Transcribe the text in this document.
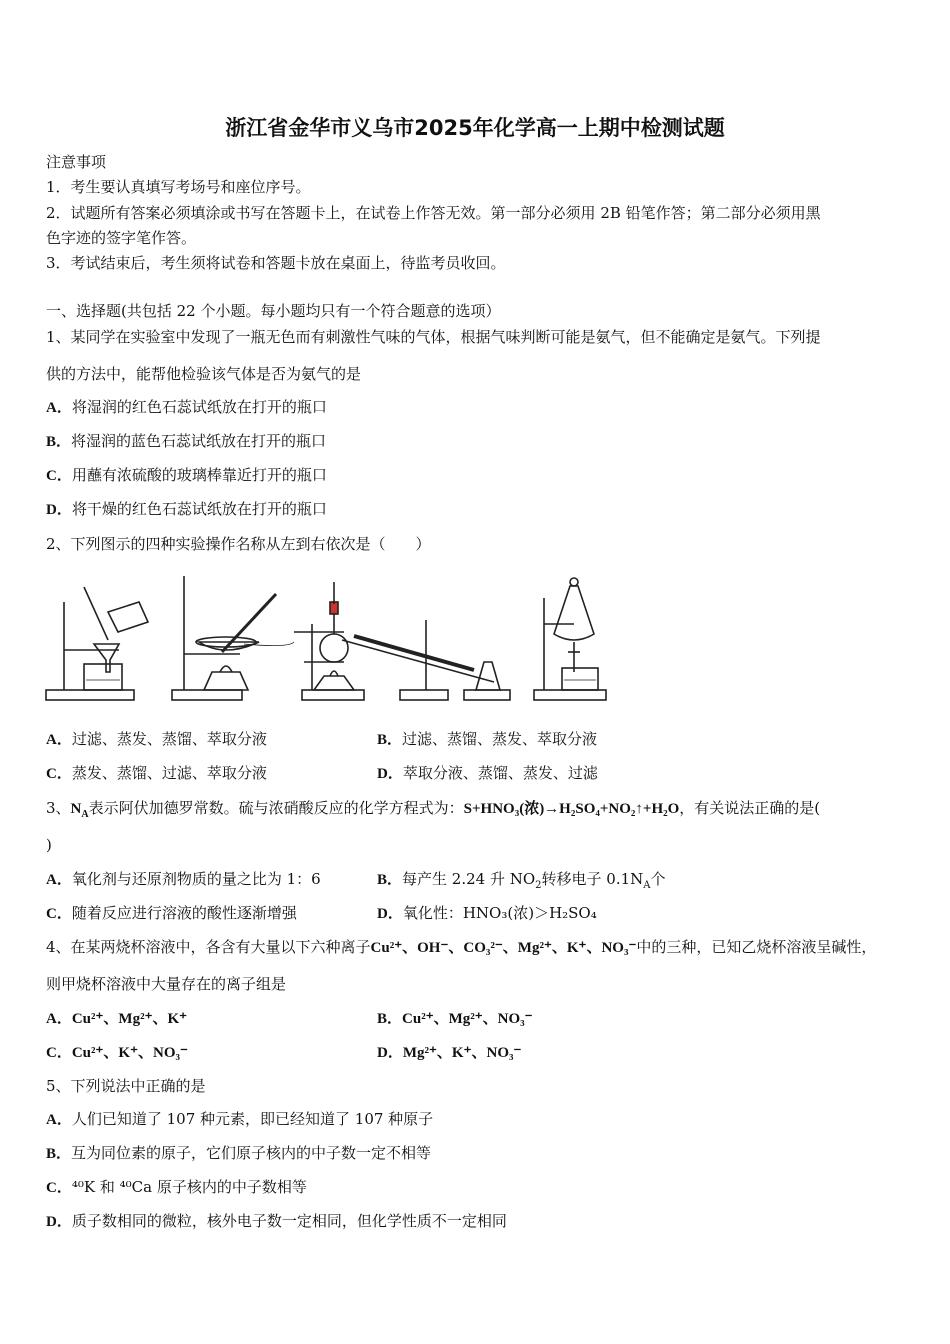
浙江省金华市义乌市2025年化学高一上期中检测试题
注意事项
1．考生要认真填写考场号和座位序号。
2．试题所有答案必须填涂或书写在答题卡上，在试卷上作答无效。第一部分必须用 2B 铅笔作答；第二部分必须用黑
色字迹的签字笔作答。
3．考试结束后，考生须将试卷和答题卡放在桌面上，待监考员收回。
一、选择题(共包括 22 个小题。每小题均只有一个符合题意的选项）
1、某同学在实验室中发现了一瓶无色而有刺激性气味的气体，根据气味判断可能是氨气，但不能确定是氨气。下列提
供的方法中，能帮他检验该气体是否为氨气的是
A．将湿润的红色石蕊试纸放在打开的瓶口
B．将湿润的蓝色石蕊试纸放在打开的瓶口
C．用蘸有浓硫酸的玻璃棒靠近打开的瓶口
D．将干燥的红色石蕊试纸放在打开的瓶口
2、下列图示的四种实验操作名称从左到右依次是（　　）
A．过滤、蒸发、蒸馏、萃取分液	B．过滤、蒸馏、蒸发、萃取分液
C．蒸发、蒸馏、过滤、萃取分液	D．萃取分液、蒸馏、蒸发、过滤
3、$N_A$表示阿伏加德罗常数。硫与浓硝酸反应的化学方程式为：S+HNO₃(浓)→H₂SO₄+NO₂↑+H₂O，有关说法正确的是(
)
A．氧化剂与还原剂物质的量之比为 1：6	B．每产生 2.24 升 $NO_2$转移电子 $0.1N_A$个
C．随着反应进行溶液的酸性逐渐增强	D．氧化性：HNO₃(浓)＞H₂SO₄
4、在某两烧杯溶液中，各含有大量以下六种离子Cu²⁺、OH⁻、CO₃²⁻、Mg²⁺、K⁺、NO₃⁻中的三种，已知乙烧杯溶液呈碱性，
则甲烧杯溶液中大量存在的离子组是
A．Cu²⁺、Mg²⁺、K⁺	B．Cu²⁺、Mg²⁺、NO₃⁻
C．Cu²⁺、K⁺、NO₃⁻	D．Mg²⁺、K⁺、NO₃⁻
5、下列说法中正确的是
A．人们已知道了 107 种元素，即已经知道了 107 种原子
B．互为同位素的原子，它们原子核内的中子数一定不相等
C．⁴⁰K 和 ⁴⁰Ca 原子核内的中子数相等
D．质子数相同的微粒，核外电子数一定相同，但化学性质不一定相同
